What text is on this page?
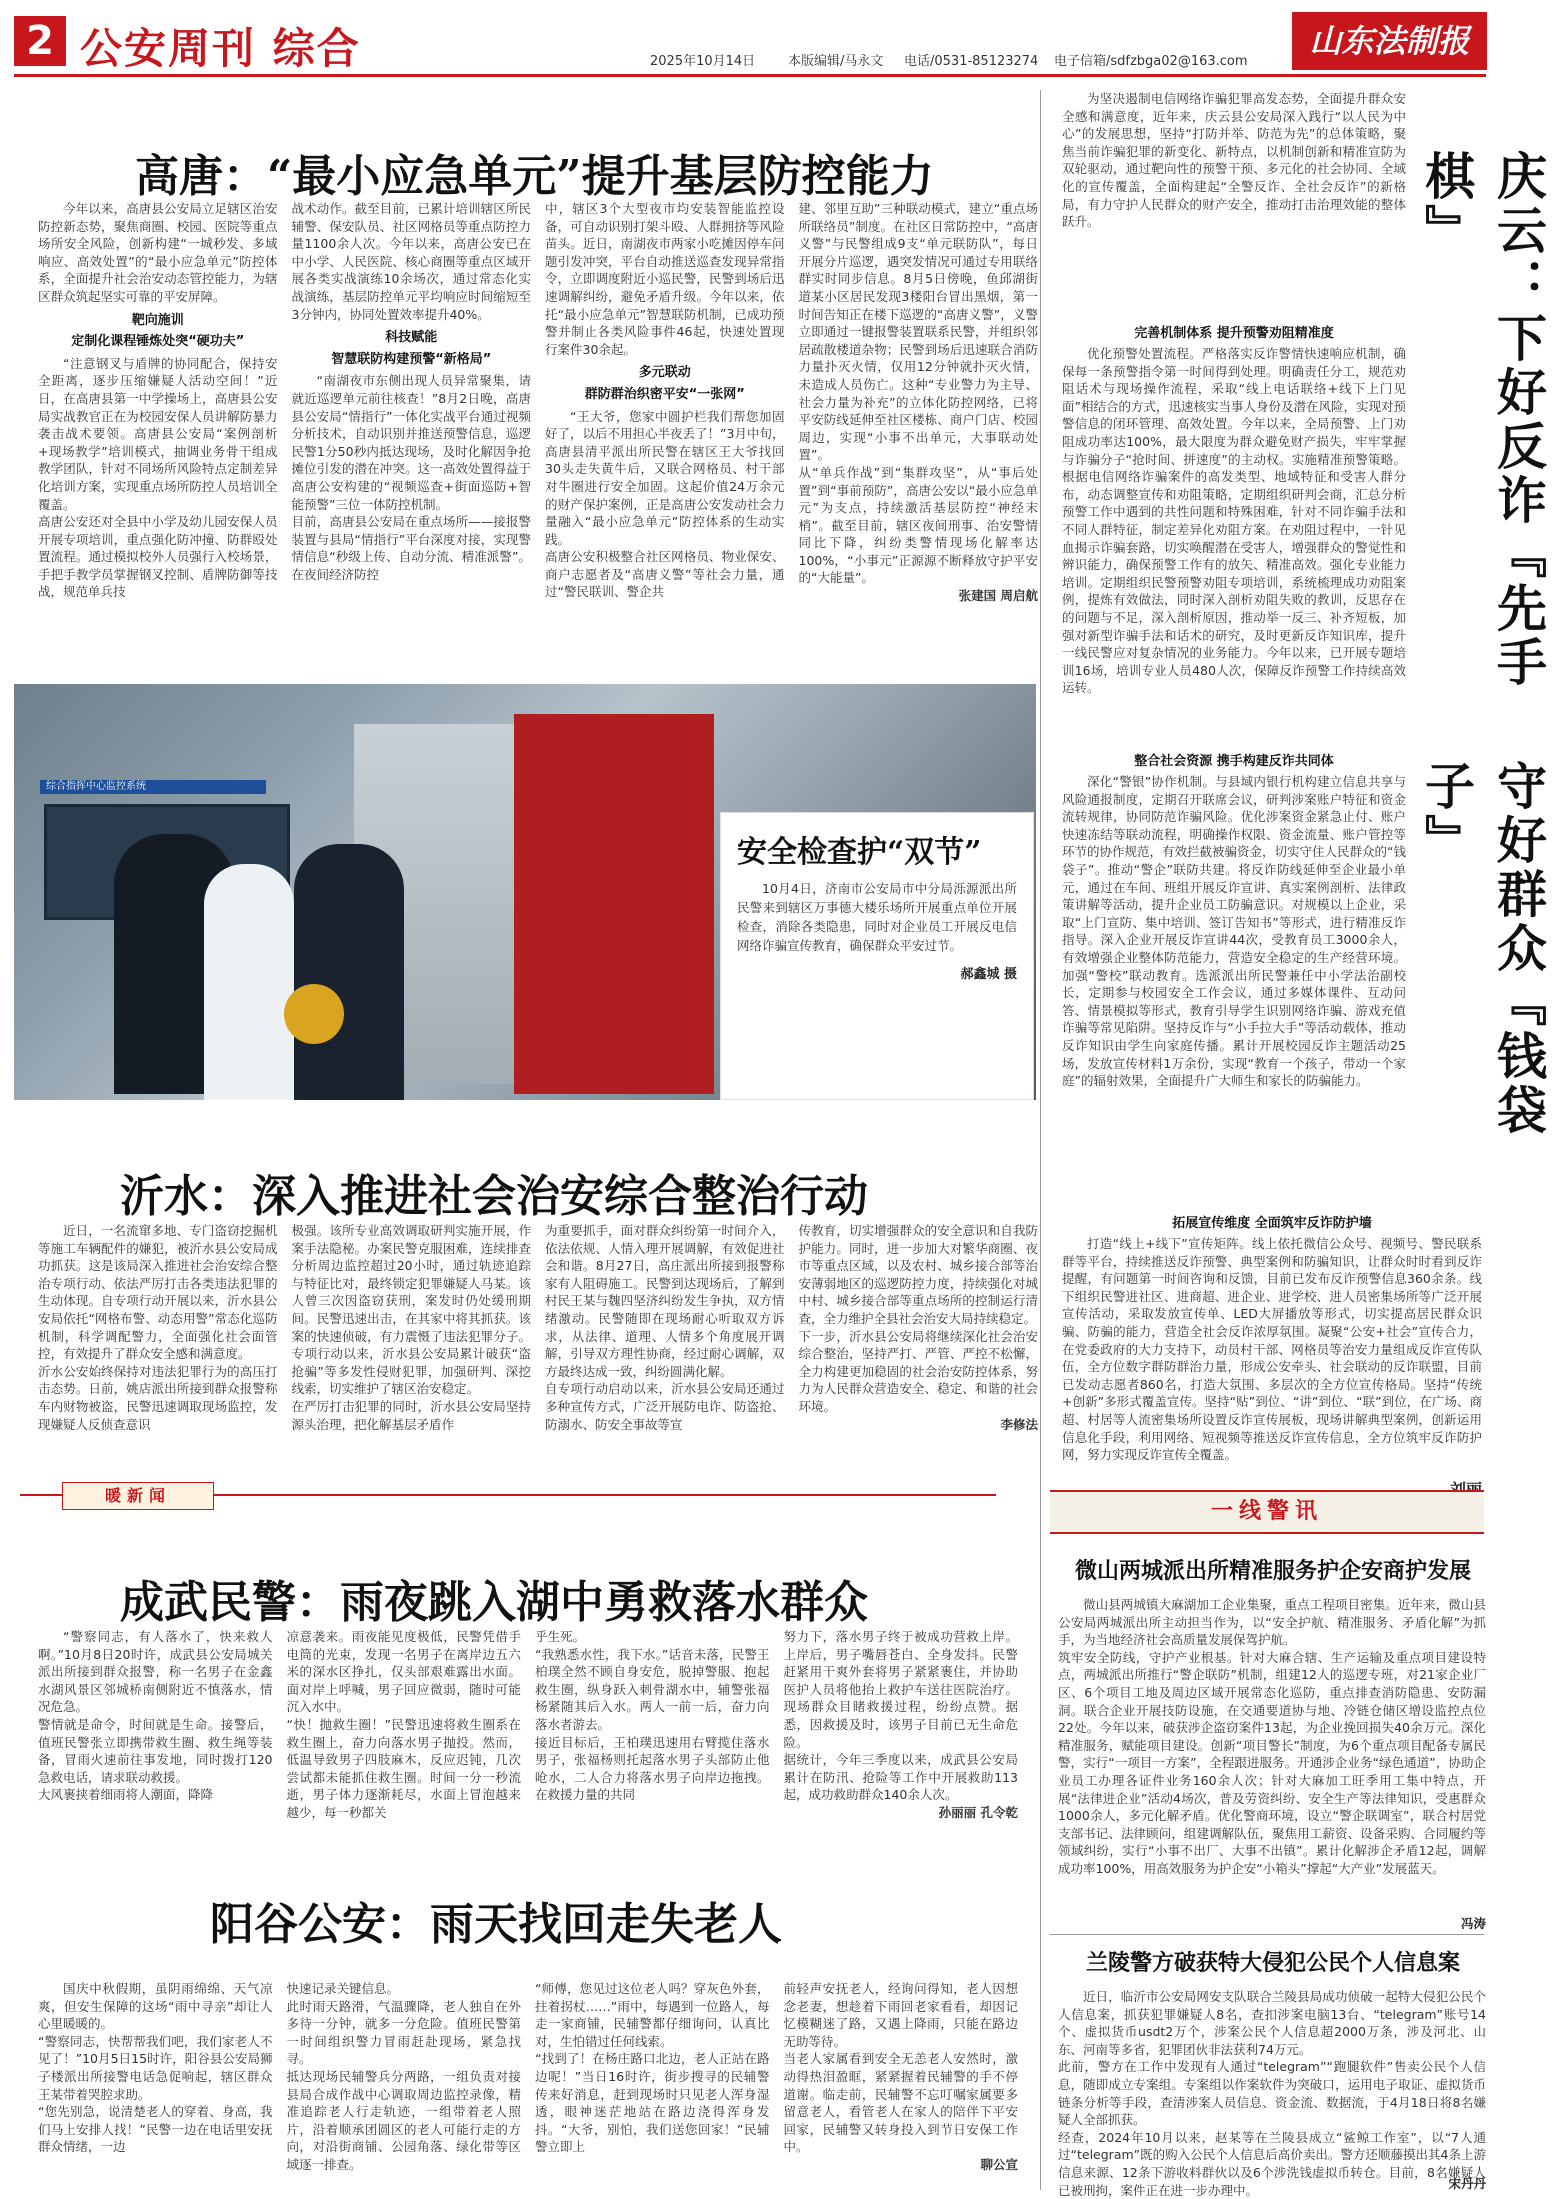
2 公安周刊 综合	2025年10月14日	本版编辑/马永文 电话/0531-85123274 电子信箱/sdfzbga02@163.com
山东法制报
高唐：“最小应急单元”提升基层防控能力
今年以来，高唐县公安局立足辖区治安防控新态势，聚焦商圈、校园、医院等重点场所安全风险，创新构建“一城秒发、多域响应、高效处置”的“最小应急单元”防控体系，全面提升社会治安动态管控能力，为辖区群众筑起坚实可靠的平安屏障。
靶向施训
定制化课程锤炼处突“硬功夫”
“注意钢叉与盾牌的协同配合，保持安全距离，逐步压缩嫌疑人活动空间！”近日，在高唐县第一中学操场上，高唐县公安局实战教官正在为校园安保人员讲解防暴力袭击战术要领。高唐县公安局“案例剖析+现场教学”培训模式，抽调业务骨干组成教学团队，针对不同场所风险特点定制差异化培训方案，实现重点场所防控人员培训全覆盖。
高唐公安还对全县中小学及幼儿园安保人员开展专项培训，重点强化防冲撞、防群殴处置流程。通过模拟校外人员强行入校场景，手把手教学员掌握钢叉控制、盾牌防御等技战，规范单兵技
战术动作。截至目前，已累计培训辖区所民辅警、保安队员、社区网格员等重点防控力量1100余人次。今年以来，高唐公安已在中小学、人民医院、核心商圈等重点区域开展各类实战演练10余场次，通过常态化实战演练，基层防控单元平均响应时间缩短至3分钟内，协同处置效率提升40%。
科技赋能
智慧联防构建预警“新格局”
“南湖夜市东侧出现人员异常聚集，请就近巡逻单元前往核查！”8月2日晚，高唐县公安局“情指行”一体化实战平台通过视频分析技术，自动识别并推送预警信息，巡逻民警1分50秒内抵达现场，及时化解因争抢摊位引发的潜在冲突。这一高效处置得益于高唐公安构建的“视频巡查+街面巡防+智能预警”三位一体防控机制。
目前，高唐县公安局在重点场所——接报警装置与县局“情指行”平台深度对接，实现警情信息“秒级上传、自动分流、精准派警”。在夜间经济防控
中，辖区3个大型夜市均安装智能监控设备，可自动识别打架斗殴、人群拥挤等风险苗头。近日，南湖夜市两家小吃摊因停车问题引发冲突，平台自动推送巡查发现异常指令，立即调度附近小巡民警，民警到场后迅速调解纠纷，避免矛盾升级。今年以来，依托“最小应急单元”智慧联防机制，已成功预警并制止各类风险事件46起，快速处置现行案件30余起。
多元联动
群防群治织密平安“一张网”
“王大爷，您家中圆护栏我们帮您加固好了，以后不用担心半夜丢了！”3月中旬，高唐县清平派出所民警在辖区王大爷找回30头走失黄牛后，又联合网格员、村干部对牛圈进行安全加固。这起价值24万余元的财产保护案例，正是高唐公安发动社会力量融入“最小应急单元”防控体系的生动实践。
高唐公安积极整合社区网格员、物业保安、商户志愿者及“高唐义警”等社会力量，通过“警民联训、警企共
建、邻里互助”三种联动模式，建立“重点场所联络员”制度。在社区日常防控中，“高唐义警”与民警组成9支“单元联防队”，每日开展分片巡逻，遇突发情况可通过专用联络群实时同步信息。8月5日傍晚，鱼邱湖街道某小区居民发现3楼阳台冒出黑烟，第一时间告知正在楼下巡逻的“高唐义警”，义警立即通过一键报警装置联系民警，并组织邻居疏散楼道杂物；民警到场后迅速联合消防力量扑灭火情，仅用12分钟就扑灭火情，未造成人员伤亡。这种“专业警力为主导、社会力量为补充”的立体化防控网络，已将平安防线延伸至社区楼栋、商户门店、校园周边，实现“小事不出单元，大事联动处置”。
从“单兵作战”到“集群攻坚”，从“事后处置”到“事前预防”，高唐公安以“最小应急单元”为支点，持续激活基层防控“神经末梢”。截至目前，辖区夜间刑事、治安警情同比下降，纠纷类警情现场化解率达100%，“小事元”正源源不断释放守护平安的“大能量”。
张建国 周启航
综合指挥中心监控系统
安全检查护“双节”
10月4日，济南市公安局市中分局泺源派出所民警来到辖区万事德大楼乐场所开展重点单位开展检查，消除各类隐患，同时对企业员工开展反电信网络诈骗宣传教育，确保群众平安过节。
郝鑫城 摄
沂水：深入推进社会治安综合整治行动
近日，一名流窜多地、专门盗窃挖掘机等施工车辆配件的嫌犯，被沂水县公安局成功抓获。这是该局深入推进社会治安综合整治专项行动、依法严厉打击各类违法犯罪的生动体现。自专项行动开展以来，沂水县公安局依托“网格布警、动态用警”常态化巡防机制，科学调配警力，全面强化社会面管控，有效提升了群众安全感和满意度。
沂水公安始终保持对违法犯罪行为的高压打击态势。日前，姚店派出所接到群众报警称车内财物被盗，民警迅速调取现场监控，发现嫌疑人反侦查意识
极强。该所专业高效调取研判实施开展，作案手法隐秘。办案民警克服困难，连续排查分析周边监控超过20小时，通过轨迹追踪与特征比对，最终锁定犯罪嫌疑人马某。该人曾三次因盗窃获刑，案发时仍处缓刑期间。民警迅速出击，在其家中将其抓获。该案的快速侦破，有力震慑了违法犯罪分子。专项行动以来，沂水县公安局累计破获“盗抢骗”等多发性侵财犯罪，加强研判、深挖线索，切实维护了辖区治安稳定。
在严厉打击犯罪的同时，沂水县公安局坚持源头治理，把化解基层矛盾作
为重要抓手，面对群众纠纷第一时间介入，依法依规、人情入理开展调解，有效促进社会和谐。8月27日，高庄派出所接到报警称家有人阻碍施工。民警到达现场后，了解到村民王某与魏四坚济纠纷发生争执，双方情绪激动。民警随即在现场耐心听取双方诉求，从法律、道理、人情多个角度展开调解，引导双方理性协商，经过耐心调解，双方最终达成一致，纠纷圆满化解。
自专项行动启动以来，沂水县公安局还通过多种宣传方式，广泛开展防电诈、防盗抢、防溺水、防安全事故等宣
传教育，切实增强群众的安全意识和自我防护能力。同时，进一步加大对繁华商圈、夜市等重点区域，以及农村、城乡接合部等治安薄弱地区的巡逻防控力度，持续强化对城中村、城乡接合部等重点场所的控制运行清查，全力维护全县社会治安大局持续稳定。
下一步，沂水县公安局将继续深化社会治安综合整治，坚持严打、严管、严控不松懈，全力构建更加稳固的社会治安防控体系，努力为人民群众营造安全、稳定、和谐的社会环境。
李修法
暖新闻
成武民警：雨夜跳入湖中勇救落水群众
“警察同志，有人落水了，快来救人啊。”10月8日20时许，成武县公安局城关派出所接到群众报警，称一名男子在金鑫水湖风景区邻城桥南侧附近不慎落水，情况危急。
警情就是命令，时间就是生命。接警后，值班民警张立即携带救生圈、救生绳等装备，冒雨火速前往事发地，同时拨打120急救电话，请求联动救援。
大风裹挟着细雨将人潮面，降降
凉意袭来。雨夜能见度极低，民警凭借手电筒的光束，发现一名男子在离岸边五六米的深水区挣扎，仅头部艰难露出水面。面对岸上呼喊，男子回应微弱，随时可能沉入水中。
“快！抛救生圈！”民警迅速将救生圈系在救生圈上，奋力向落水男子抛投。然而，低温导致男子四肢麻木，反应迟钝，几次尝试都未能抓住救生圈。时间一分一秒流逝，男子体力逐渐耗尽，水面上冒泡越来越少，每一秒都关
乎生死。
“我熟悉水性，我下水。”话音未落，民警王柏璞全然不顾自身安危，脱掉警服、抱起救生圈，纵身跃入刺骨湖水中，辅警张福杨紧随其后入水。两人一前一后，奋力向落水者游去。
接近目标后，王柏璞迅速用右臂揽住落水男子，张福杨则托起落水男子头部防止他呛水，二人合力将落水男子向岸边拖拽。在救援力量的共同
努力下，落水男子终于被成功营救上岸。上岸后，男子嘴唇苍白、全身发抖。民警赶紧用干爽外套将男子紧紧裹住，并协助医护人员将他抬上救护车送往医院治疗。现场群众目睹救援过程，纷纷点赞。据悉，因救援及时，该男子目前已无生命危险。
据统计，今年三季度以来，成武县公安局累计在防汛、抢险等工作中开展救助113起，成功救助群众140余人次。
孙丽丽 孔令乾
阳谷公安：雨天找回走失老人
国庆中秋假期，虽阴雨绵绵、天气凉爽，但安生保障的这场“雨中寻亲”却让人心里暖暖的。
“警察同志，快帮帮我们吧，我们家老人不见了！”10月5日15时许，阳谷县公安局狮子楼派出所接警电话急促响起，辖区群众王某带着哭腔求助。
“您先别急，说清楚老人的穿着、身高，我们马上安排人找！”民警一边在电话里安抚群众情绪，一边
快速记录关键信息。
此时雨天路滑，气温骤降，老人独自在外多待一分钟，就多一分危险。值班民警第一时间组织警力冒雨赶赴现场，紧急找寻。
抵达现场民辅警兵分两路，一组负责对接县局合成作战中心调取周边监控录像，精准追踪老人行走轨迹，一组带着老人照片，沿着顺承团圆区的老人可能行走的方向，对沿街商铺、公园角落、绿化带等区域逐一排查。
“师傅，您见过这位老人吗？穿灰色外套，拄着拐杖……”雨中，每遇到一位路人，每走一家商铺，民辅警都仔细询问，认真比对，生怕错过任何线索。
“找到了！在杨庄路口北边，老人正站在路边呢！”当日16时许，街步搜寻的民辅警传来好消息，赶到现场时只见老人浑身湿透，眼神迷茫地站在路边浇得浑身发抖。“大爷，别怕，我们送您回家！”民辅警立即上
前轻声安抚老人，经询问得知，老人因想念老妻，想趁着下雨回老家看看，却因记忆模糊迷了路，又遇上降雨，只能在路边无助等待。
当老人家属看到安全无恙老人安然时，激动得热泪盈眶，紧紧握着民辅警的手不停道谢。临走前，民辅警不忘叮嘱家属要多留意老人，看管老人在家人的陪伴下平安回家，民辅警又转身投入到节日安保工作中。
聊公宣
为坚决遏制电信网络诈骗犯罪高发态势，全面提升群众安全感和满意度，近年来，庆云县公安局深入践行“以人民为中心”的发展思想，坚持“打防并举、防范为先”的总体策略，聚焦当前诈骗犯罪的新变化、新特点，以机制创新和精准宣防为双轮驱动，通过靶向性的预警干预、多元化的社会协同、全域化的宣传覆盖，全面构建起“全警反诈、全社会反诈”的新格局，有力守护人民群众的财产安全，推动打击治理效能的整体跃升。	庆云：下好反诈『先手棋』
守好群众『钱袋子』
完善机制体系 提升预警劝阻精准度
优化预警处置流程。严格落实反诈警情快速响应机制，确保每一条预警指令第一时间得到处理。明确责任分工，规范劝阻话术与现场操作流程，采取“线上电话联络+线下上门见面”相结合的方式，迅速核实当事人身份及潜在风险，实现对预警信息的闭环管理、高效处置。今年以来，全局预警、上门劝阻成功率达100%，最大限度为群众避免财产损失，牢牢掌握与诈骗分子“抢时间、拼速度”的主动权。实施精准预警策略。根据电信网络诈骗案件的高发类型、地域特征和受害人群分布，动态调整宣传和劝阻策略，定期组织研判会商，汇总分析预警工作中遇到的共性问题和特殊困难，针对不同诈骗手法和不同人群特征，制定差异化劝阻方案。在劝阻过程中，一针见血揭示诈骗套路，切实唤醒潜在受害人，增强群众的警觉性和辨识能力，确保预警工作有的放矢、精准高效。强化专业能力培训。定期组织民警预警劝阻专项培训，系统梳理成功劝阻案例，提炼有效做法，同时深入剖析劝阻失败的教训，反思存在的问题与不足，深入剖析原因，推动举一反三、补齐短板，加强对新型诈骗手法和话术的研究，及时更新反诈知识库，提升一线民警应对复杂情况的业务能力。今年以来，已开展专题培训16场，培训专业人员480人次，保障反诈预警工作持续高效运转。
整合社会资源 携手构建反诈共同体
深化“警银”协作机制。与县域内银行机构建立信息共享与风险通报制度，定期召开联席会议，研判涉案账户特征和资金流转规律，协同防范诈骗风险。优化涉案资金紧急止付、账户快速冻结等联动流程，明确操作权限、资金流量、账户管控等环节的协作规范，有效拦截被骗资金，切实守住人民群众的“钱袋子”。推动“警企”联防共建。将反诈防线延伸至企业最小单元，通过在车间、班组开展反诈宣讲、真实案例剖析、法律政策讲解等活动，提升企业员工防骗意识。对规模以上企业，采取“上门宣防、集中培训、签订告知书”等形式，进行精准反诈指导。深入企业开展反诈宣讲44次，受教育员工3000余人，有效增强企业整体防范能力，营造安全稳定的生产经营环境。加强“警校”联动教育。选派派出所民警兼任中小学法治副校长，定期参与校园安全工作会议，通过多媒体课件、互动问答、情景模拟等形式，教育引导学生识别网络诈骗、游戏充值诈骗等常见陷阱。坚持反诈与“小手拉大手”等活动载体，推动反诈知识由学生向家庭传播。累计开展校园反诈主题活动25场，发放宣传材料1万余份，实现“教育一个孩子，带动一个家庭”的辐射效果，全面提升广大师生和家长的防骗能力。
拓展宣传维度 全面筑牢反诈防护墙
打造“线上+线下”宣传矩阵。线上依托微信公众号、视频号、警民联系群等平台，持续推送反诈预警、典型案例和防骗知识，让群众时时看到反诈提醒，有问题第一时间咨询和反馈，目前已发布反诈预警信息360余条。线下组织民警进社区、进商超、进企业、进学校、进人员密集场所等广泛开展宣传活动，采取发放宣传单、LED大屏播放等形式，切实提高居民群众识骗、防骗的能力，营造全社会反诈浓厚氛围。凝聚“公安+社会”宣传合力，在党委政府的大力支持下，动员村干部、网格员等治安力量组成反诈宣传队伍，全方位数字群防群治力量，形成公安牵头、社会联动的反诈联盟，目前已发动志愿者860名，打造大氛围、多层次的全方位宣传格局。坚持“传统+创新”多形式覆盖宣传。坚持“贴”到位、“讲”到位、“联”到位，在广场、商超、村居等人流密集场所设置反诈宣传展板，现场讲解典型案例，创新运用信息化手段，利用网络、短视频等推送反诈宣传信息，全方位筑牢反诈防护网，努力实现反诈宣传全覆盖。
一线警讯
微山两城派出所精准服务护企安商护发展
微山县两城镇大麻湖加工企业集聚，重点工程项目密集。近年来，微山县公安局两城派出所主动担当作为，以“安全护航、精准服务、矛盾化解”为抓手，为当地经济社会高质量发展保驾护航。
筑牢安全防线，守护产业根基。针对大麻合辖、生产运输及重点项目建设特点，两城派出所推行“警企联防”机制，组建12人的巡逻专班，对21家企业厂区、6个项目工地及周边区域开展常态化巡防，重点排查消防隐患、安防漏洞。联合企业开展技防设施，在交通要道协与地、冷链仓储区增设监控点位22处。今年以来，破获涉企盗窃案件13起，为企业挽回损失40余万元。深化精准服务，赋能项目建设。创新“项目警长”制度，为6个重点项目配备专属民警，实行“一项目一方案”，全程跟进服务。开通涉企业务“绿色通道”，协助企业员工办理各证件业务160余人次；针对大麻加工旺季用工集中特点，开展“法律进企业”活动4场次，普及劳资纠纷、安全生产等法律知识，受惠群众1000余人，多元化解矛盾。优化警商环境，设立“警企联调室”，联合村居党支部书记、法律顾问，组建调解队伍，聚焦用工薪资、设备采购、合同履约等领域纠纷，实行“小事不出厂、大事不出镇”。累计化解涉企矛盾12起，调解成功率100%，用高效服务为护企安“小箱头”撑起“大产业”发展蓝天。
冯涛
兰陵警方破获特大侵犯公民个人信息案
近日，临沂市公安局网安支队联合兰陵县局成功侦破一起特大侵犯公民个人信息案，抓获犯罪嫌疑人8名，查扣涉案电脑13台、“telegram”账号14个、虚拟货币usdt2万个，涉案公民个人信息超2000万条，涉及河北、山东、河南等多省，犯罪团伙非法获利74万元。
此前，警方在工作中发现有人通过“telegram”“跑腿软件”售卖公民个人信息，随即成立专案组。专案组以作案软件为突破口，运用电子取证、虚拟货币链条分析等手段，查清涉案人员信息、资金流、数据流，于4月18日将8名嫌疑人全部抓获。
经查，2024年10月以来，赵某等在兰陵县成立“鲨鲸工作室”，以“7人通过“telegram”既的购入公民个人信息后高价卖出。警方还顺藤摸出其4条上游信息来源、12条下游收料群伙以及6个涉洗钱虚拟币转仓。目前，8名嫌疑人已被刑拘，案件正在进一步办理中。	宋丹丹
